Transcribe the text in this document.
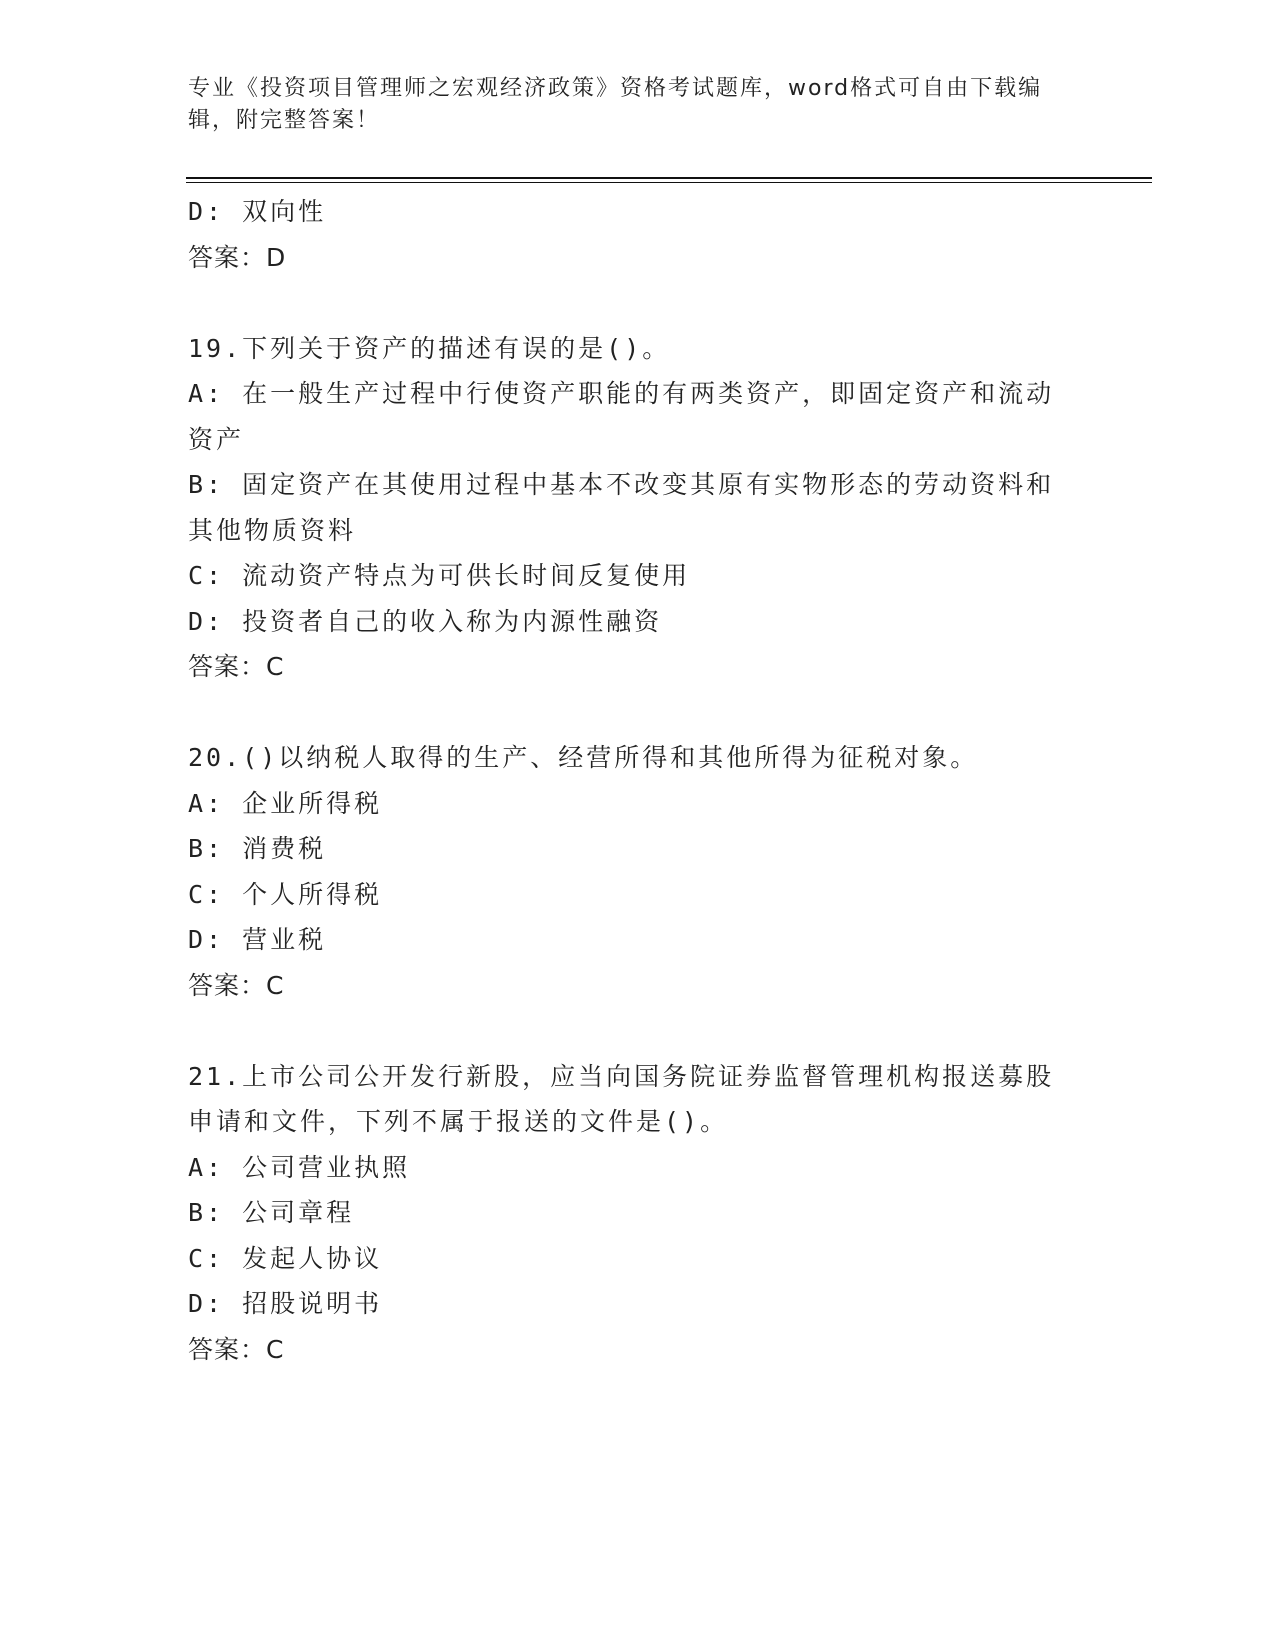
专业《投资项目管理师之宏观经济政策》资格考试题库，word格式可自由下载编
辑，附完整答案！
D: 双向性
答案：D
19.下列关于资产的描述有误的是()。
A: 在一般生产过程中行使资产职能的有两类资产，即固定资产和流动
资产
B: 固定资产在其使用过程中基本不改变其原有实物形态的劳动资料和
其他物质资料
C: 流动资产特点为可供长时间反复使用
D: 投资者自己的收入称为内源性融资
答案：C
20.()以纳税人取得的生产、经营所得和其他所得为征税对象。
A: 企业所得税
B: 消费税
C: 个人所得税
D: 营业税
答案：C
21.上市公司公开发行新股，应当向国务院证券监督管理机构报送募股
申请和文件，下列不属于报送的文件是()。
A: 公司营业执照
B: 公司章程
C: 发起人协议
D: 招股说明书
答案：C
